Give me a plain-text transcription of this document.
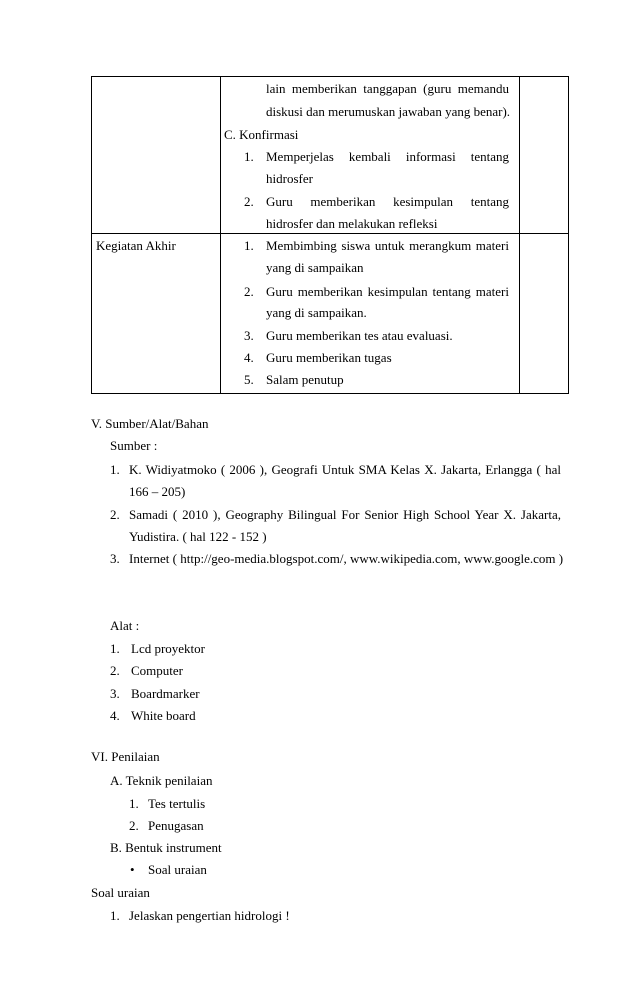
lain memberikan tanggapan (guru memandu
diskusi dan merumuskan jawaban yang benar).
C. Konfirmasi
1. Memperjelas kembali informasi tentang
hidrosfer
2. Guru memberikan kesimpulan tentang
hidrosfer dan melakukan refleksi
Kegiatan Akhir	1. Membimbing siswa untuk merangkum materi
yang di sampaikan
2. Guru memberikan kesimpulan tentang materi
yang di sampaikan.
3. Guru memberikan tes atau evaluasi.
4. Guru memberikan tugas
5. Salam penutup
V. Sumber/Alat/Bahan
Sumber :
1. K. Widiyatmoko ( 2006 ), Geografi Untuk SMA Kelas X. Jakarta, Erlangga ( hal
166 – 205)
2. Samadi ( 2010 ), Geography Bilingual For Senior High School Year X. Jakarta,
Yudistira. ( hal 122 - 152 )
3. Internet ( http://geo-media.blogspot.com/, www.wikipedia.com, www.google.com )
Alat :
1. Lcd proyektor
2. Computer
3. Boardmarker
4. White board
VI. Penilaian
A. Teknik penilaian
1. Tes tertulis
2. Penugasan
B. Bentuk instrument
• Soal uraian
Soal uraian
1. Jelaskan pengertian hidrologi !
